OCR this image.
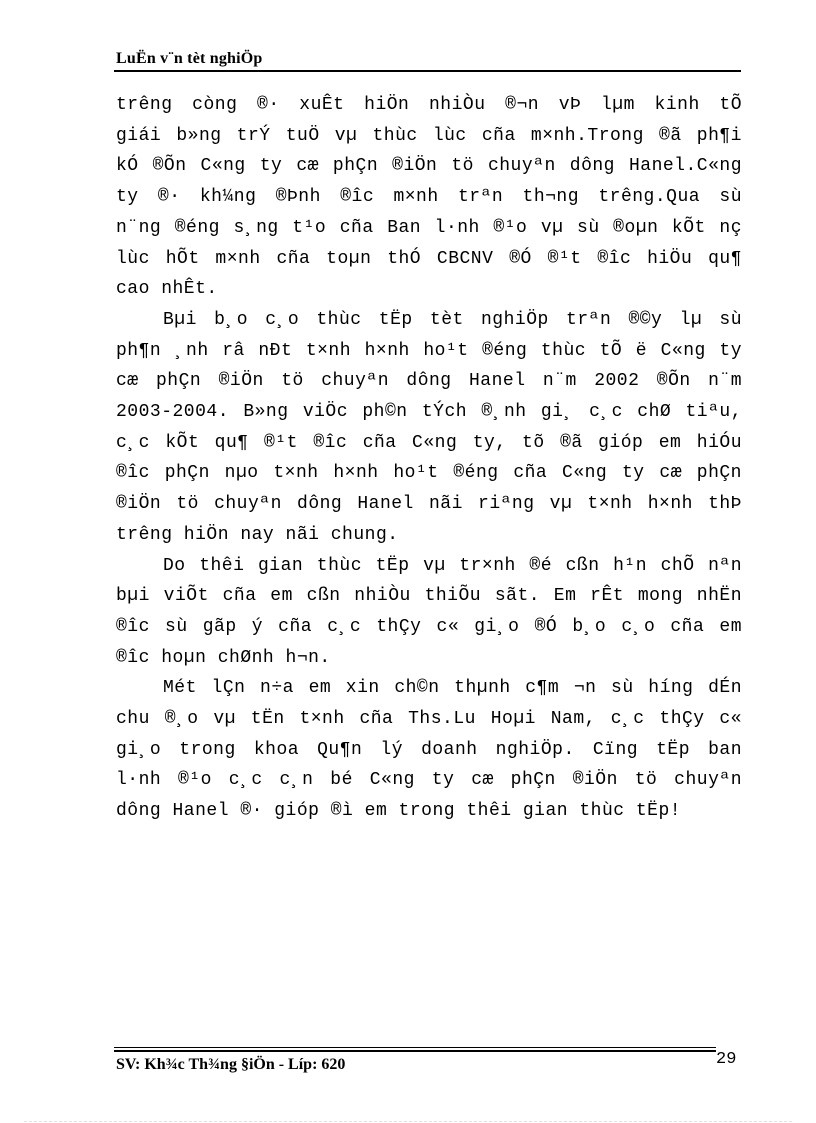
LuËn v¨n tèt nghiÖp
trêng còng ®· xuÊt hiÖn nhiÒu ®¬n vÞ lµm kinh tÕ
giái b»ng trÝ tuÖ vµ thùc lùc cña m×nh.Trong ®ã ph¶i
kÓ ®Õn C«ng ty cæ phÇn ®iÖn tö chuyªn dông Hanel.C«ng
ty ®· kh¼ng ®Þnh ®îc m×nh trªn th¬ng trêng.Qua sù
n¨ng ®éng s¸ng t¹o cña Ban l·nh ®¹o vµ sù ®oµn kÕt nç
lùc hÕt m×nh cña toµn thÓ CBCNV ®Ó ®¹t ®îc hiÖu qu¶
cao nhÊt.
Bµi b¸o c¸o thùc tËp tèt nghiÖp trªn ®©y lµ sù
ph¶n ¸nh râ nÐt t×nh h×nh ho¹t ®éng thùc tÕ ë C«ng ty
cæ phÇn ®iÖn tö chuyªn dông Hanel n¨m 2002 ®Õn n¨m
2003-2004. B»ng viÖc ph©n tÝch ®¸nh gi¸ c¸c chØ tiªu,
c¸c kÕt qu¶ ®¹t ®îc cña C«ng ty, tõ ®ã gióp em hiÓu
®îc phÇn nµo t×nh h×nh ho¹t ®éng cña C«ng ty cæ phÇn
®iÖn tö chuyªn dông Hanel nãi riªng vµ t×nh h×nh thÞ
trêng hiÖn nay nãi chung.
Do thêi gian thùc tËp vµ tr×nh ®é cßn h¹n chÕ nªn
bµi viÕt cña em cßn nhiÒu thiÕu sãt. Em rÊt mong nhËn
®îc sù gãp ý cña c¸c thÇy c« gi¸o ®Ó b¸o c¸o cña em
®îc hoµn chØnh h¬n.
Mét lÇn n÷a em xin ch©n thµnh c¶m ¬n sù híng dÉn
chu ®¸o vµ tËn t×nh cña Ths.Lu Hoµi Nam, c¸c thÇy c«
gi¸o trong khoa Qu¶n lý doanh nghiÖp. Cïng tËp ban
l·nh ®¹o c¸c c¸n bé C«ng ty cæ phÇn ®iÖn tö chuyªn
dông Hanel ®· gióp ®ì em trong thêi gian thùc tËp!
SV: Kh¾c Th¾ng §iÖn - Líp: 620	29
